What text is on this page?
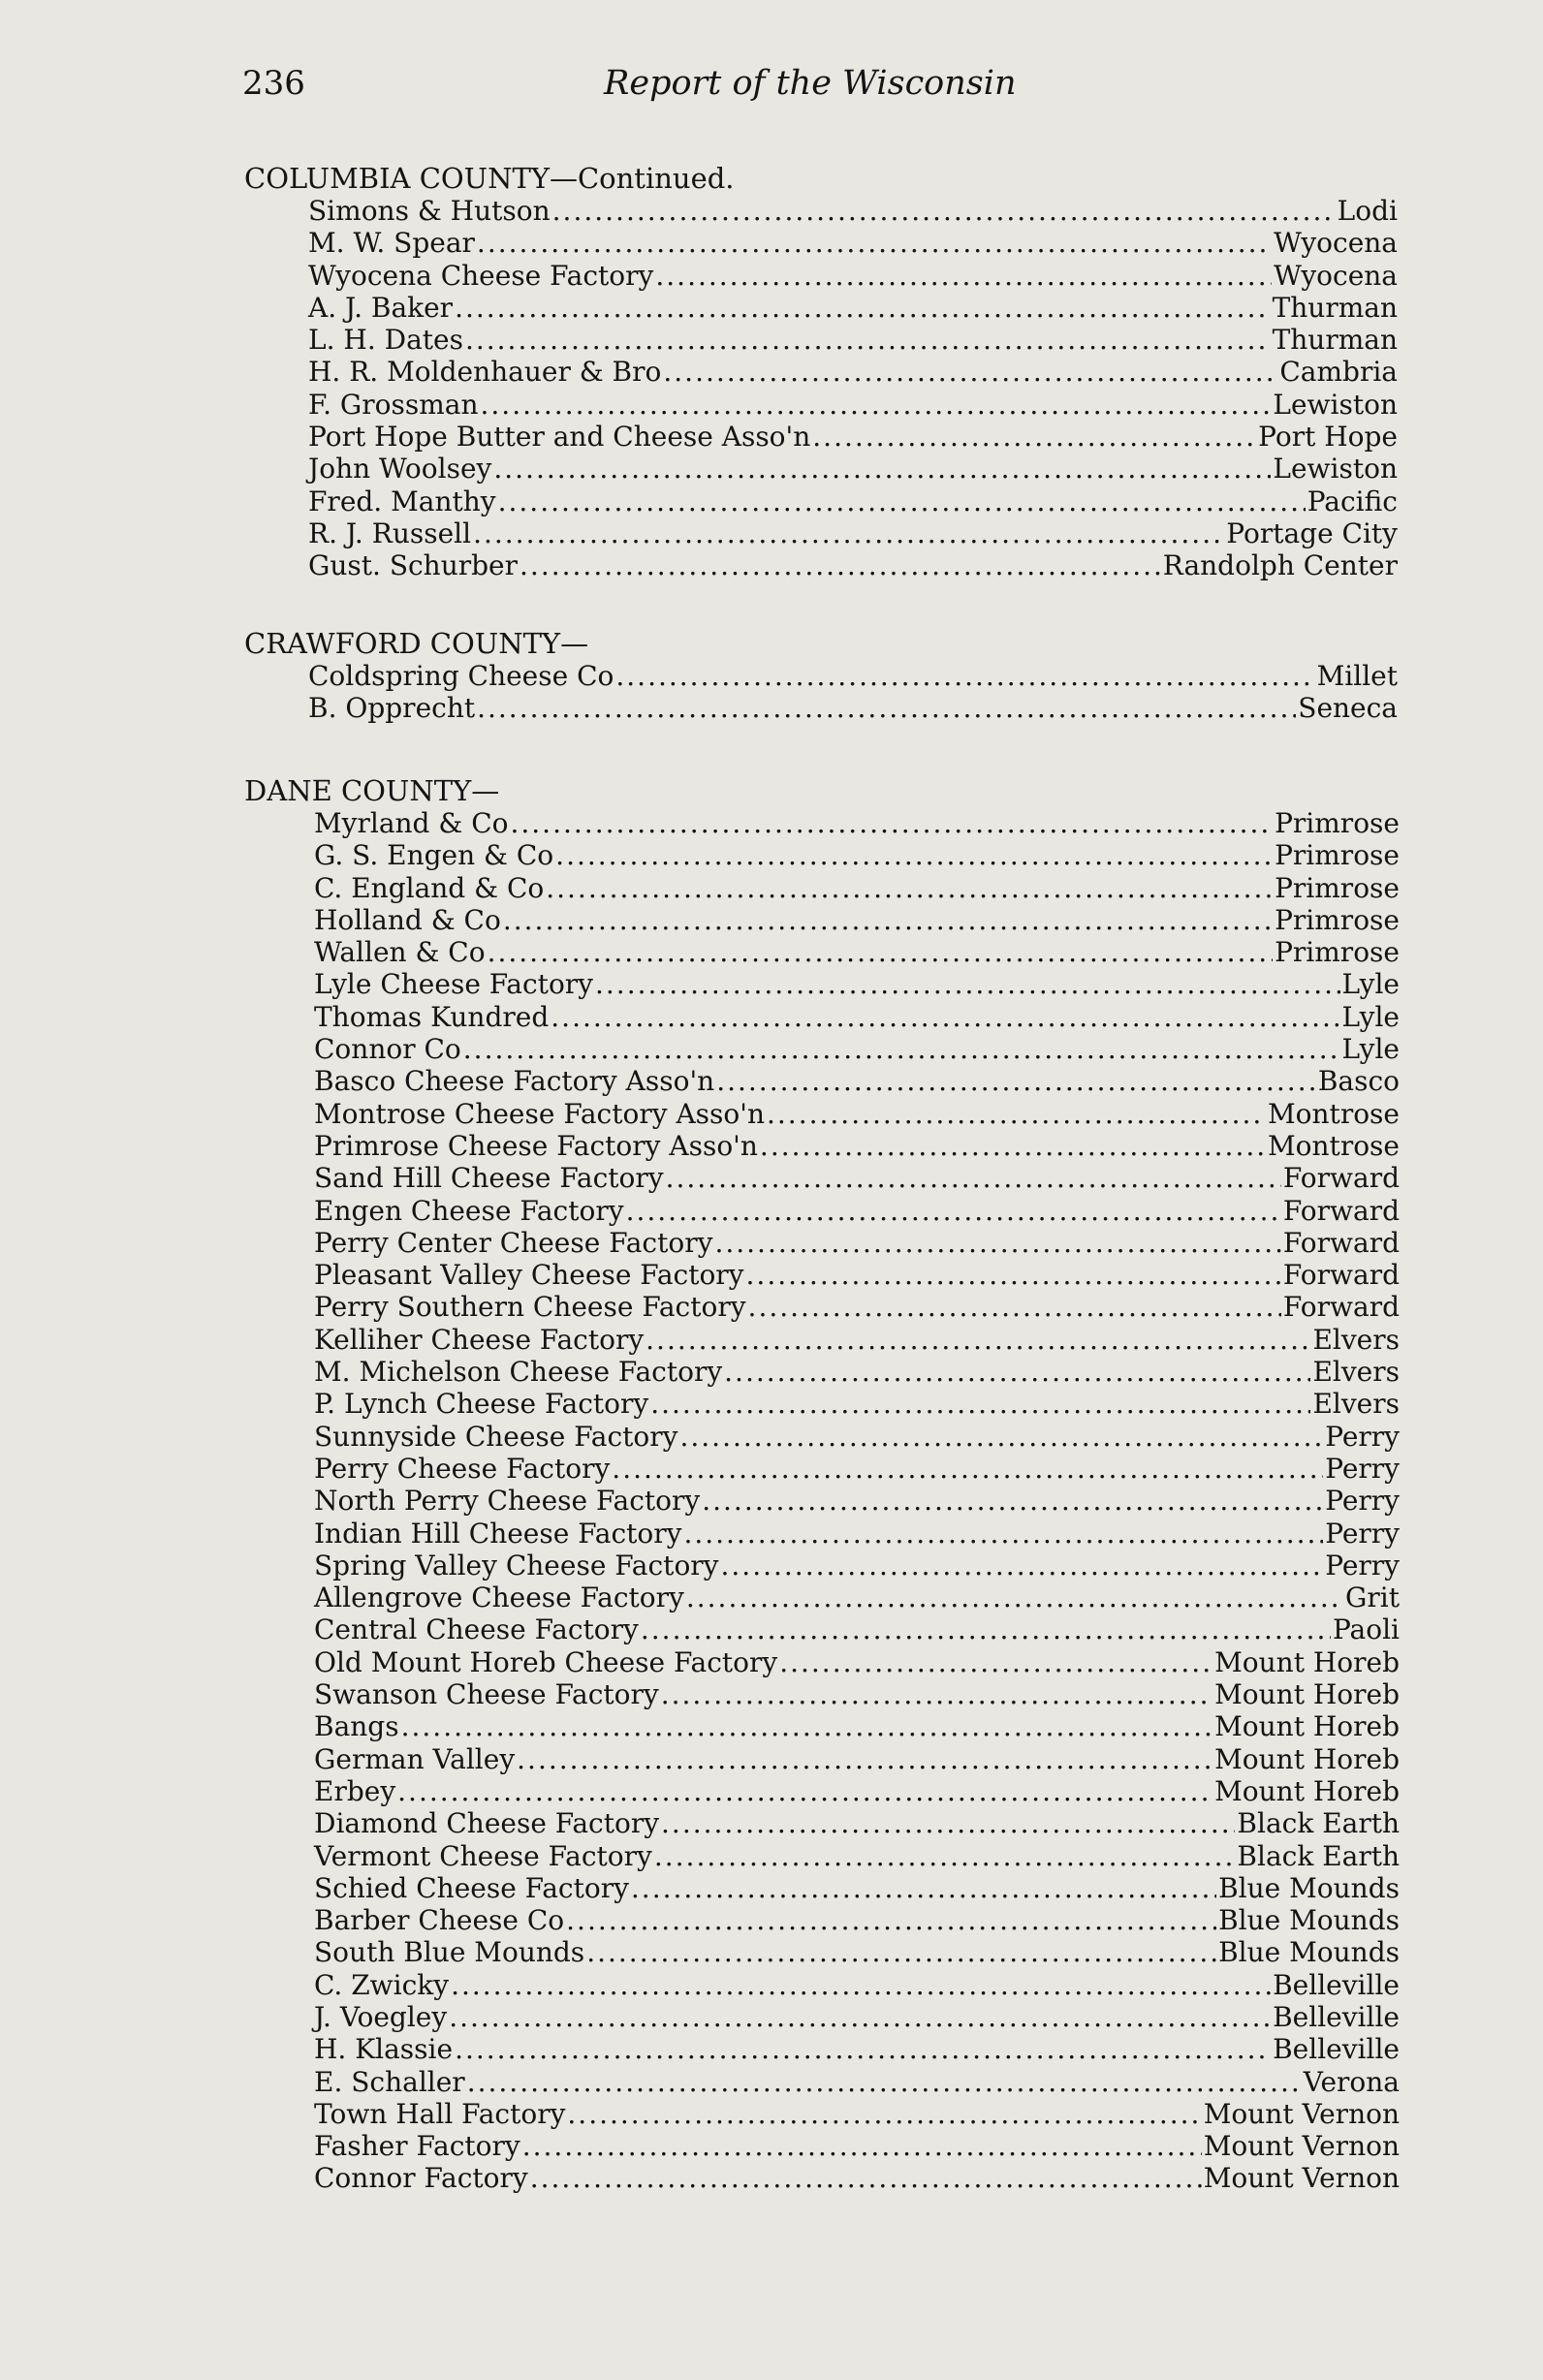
236	Report of the Wisconsin
COLUMBIA COUNTY—Continued.
Simons & Hutson .....	Lodi
M. W. Spear .....	Wyocena
Wyocena Cheese Factory .....	Wyocena
A. J. Baker .....	Thurman
L. H. Dates .....	Thurman
H. R. Moldenhauer & Bro .....	Cambria
F. Grossman .....	Lewiston
Port Hope Butter and Cheese Asso'n .....	Port Hope
John Woolsey .....	Lewiston
Fred. Manthy .....	Pacific
R. J. Russell .....	Portage City
Gust. Schurber .....	Randolph Center
CRAWFORD COUNTY—
Coldspring Cheese Co .....	Millet
B. Opprecht .....	Seneca
DANE COUNTY—
Myrland & Co .....	Primrose
G. S. Engen & Co .....	Primrose
C. England & Co .....	Primrose
Holland & Co .....	Primrose
Wallen & Co .....	Primrose
Lyle Cheese Factory .....	Lyle
Thomas Kundred .....	Lyle
Connor Co .....	Lyle
Basco Cheese Factory Asso'n .....	Basco
Montrose Cheese Factory Asso'n .....	Montrose
Primrose Cheese Factory Asso'n .....	Montrose
Sand Hill Cheese Factory .....	Forward
Engen Cheese Factory .....	Forward
Perry Center Cheese Factory .....	Forward
Pleasant Valley Cheese Factory .....	Forward
Perry Southern Cheese Factory .....	Forward
Kelliher Cheese Factory .....	Elvers
M. Michelson Cheese Factory .....	Elvers
P. Lynch Cheese Factory .....	Elvers
Sunnyside Cheese Factory .....	Perry
Perry Cheese Factory .....	Perry
North Perry Cheese Factory .....	Perry
Indian Hill Cheese Factory .....	Perry
Spring Valley Cheese Factory .....	Perry
Allengrove Cheese Factory .....	Grit
Central Cheese Factory .....	Paoli
Old Mount Horeb Cheese Factory .....	Mount Horeb
Swanson Cheese Factory .....	Mount Horeb
Bangs .....	Mount Horeb
German Valley .....	Mount Horeb
Erbey .....	Mount Horeb
Diamond Cheese Factory .....	Black Earth
Vermont Cheese Factory .....	Black Earth
Schied Cheese Factory .....	Blue Mounds
Barber Cheese Co .....	Blue Mounds
South Blue Mounds .....	Blue Mounds
C. Zwicky .....	Belleville
J. Voegley .....	Belleville
H. Klassie .....	Belleville
E. Schaller .....	Verona
Town Hall Factory .....	Mount Vernon
Fasher Factory .....	Mount Vernon
Connor Factory .....	Mount Vernon
